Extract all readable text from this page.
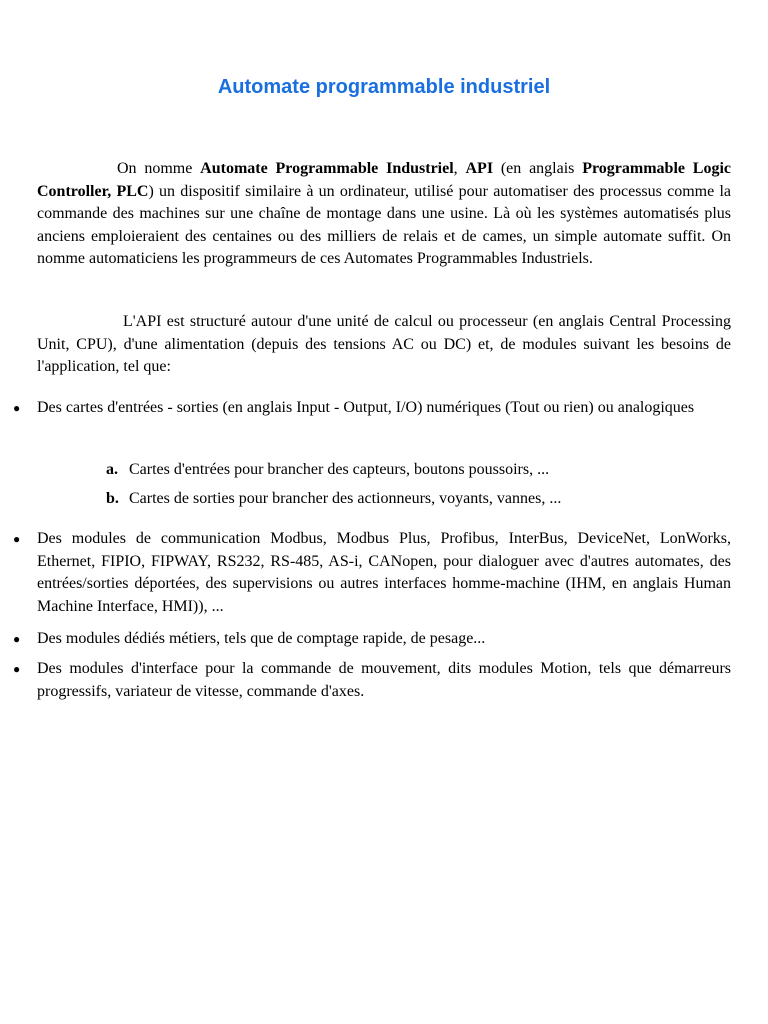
Automate programmable industriel

On nomme Automate Programmable Industriel, API (en anglais Programmable Logic Controller, PLC) un dispositif similaire à un ordinateur, utilisé pour automatiser des processus comme la commande des machines sur une chaîne de montage dans une usine. Là où les systèmes automatisés plus anciens emploieraient des centaines ou des milliers de relais et de cames, un simple automate suffit. On nomme automaticiens les programmeurs de ces Automates Programmables Industriels.

L'API est structuré autour d'une unité de calcul ou processeur (en anglais Central Processing Unit, CPU), d'une alimentation (depuis des tensions AC ou DC) et, de modules suivant les besoins de l'application, tel que:

● Des cartes d'entrées - sorties (en anglais Input - Output, I/O) numériques (Tout ou rien) ou analogiques
a. Cartes d'entrées pour brancher des capteurs, boutons poussoirs, ...
b. Cartes de sorties pour brancher des actionneurs, voyants, vannes, ...
● Des modules de communication Modbus, Modbus Plus, Profibus, InterBus, DeviceNet, LonWorks, Ethernet, FIPIO, FIPWAY, RS232, RS-485, AS-i, CANopen, pour dialoguer avec d'autres automates, des entrées/sorties déportées, des supervisions ou autres interfaces homme-machine (IHM, en anglais Human Machine Interface, HMI)), ...
● Des modules dédiés métiers, tels que de comptage rapide, de pesage...
● Des modules d'interface pour la commande de mouvement, dits modules Motion, tels que démarreurs progressifs, variateur de vitesse, commande d'axes.
